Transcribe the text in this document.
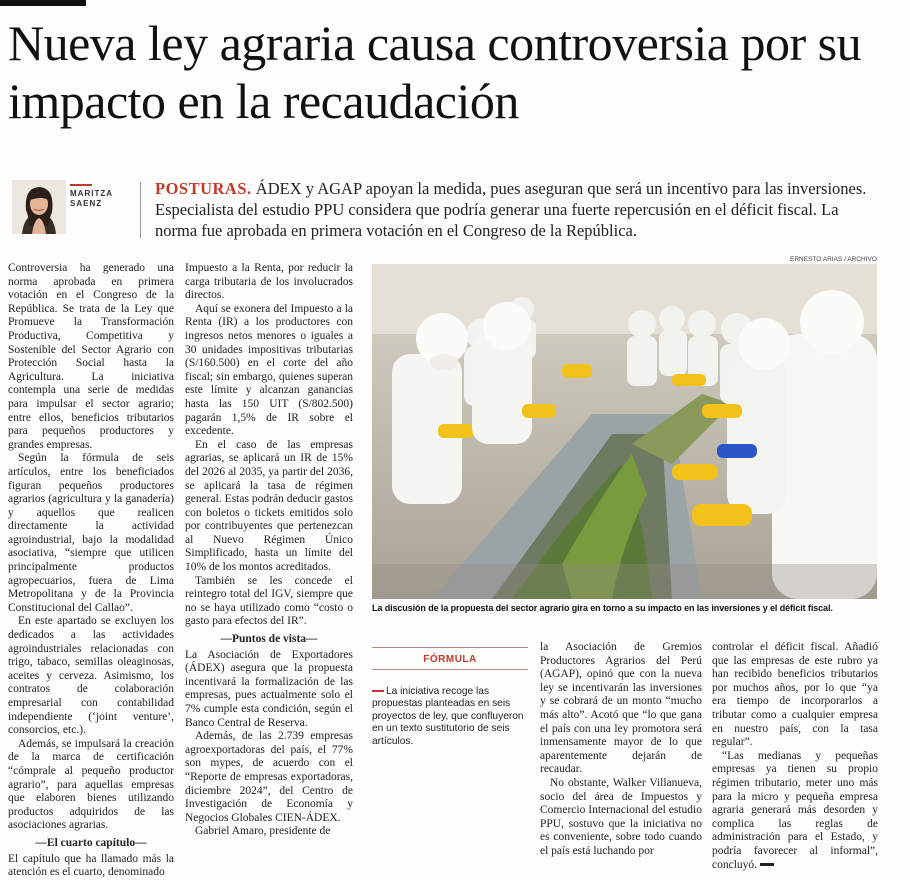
Nueva ley agraria causa controversia por su impacto en la recaudación
MARITZA SAENZ

POSTURAS. ÁDEX y AGAP apoyan la medida, pues aseguran que será un incentivo para las inversiones. Especialista del estudio PPU considera que podría generar una fuerte repercusión en el déficit fiscal. La norma fue aprobada en primera votación en el Congreso de la República.

Controversia ha generado una norma aprobada en primera votación en el Congreso de la República. Se trata de la Ley que Promueve la Transformación Productiva, Competitiva y Sostenible del Sector Agrario con Protección Social hasta la Agricultura. La iniciativa contempla una serie de medidas para impulsar el sector agrario; entre ellos, beneficios tributarios para pequeños productores y grandes empresas.

Según la fórmula de seis artículos, entre los beneficiados figuran pequeños productores agrarios (agricultura y la ganadería) y aquellos que realicen directamente la actividad agroindustrial, bajo la modalidad asociativa, “siempre que utilicen principalmente productos agropecuarios, fuera de Lima Metropolitana y de la Provincia Constitucional del Callao”.

En este apartado se excluyen los dedicados a las actividades agroindustriales relacionadas con trigo, tabaco, semillas oleaginosas, aceites y cerveza. Asimismo, los contratos de colaboración empresarial con contabilidad independiente (‘joint venture’, consorcios, etc.).

Además, se impulsará la creación de la marca de certificación “cómprale al pequeño productor agrario”, para aquellas empresas que elaboren bienes utilizando productos adquiridos de las asociaciones agrarias.

—El cuarto capítulo—

El capítulo que ha llamado más la atención es el cuarto, denominado

Impuesto a la Renta, por reducir la carga tributaria de los involucrados directos.

Aquí se exonera del Impuesto a la Renta (IR) a los productores con ingresos netos menores o iguales a 30 unidades impositivas tributarias (S/160.500) en el corte del año fiscal; sin embargo, quienes superan este límite y alcanzan ganancias hasta las 150 UIT (S/802.500) pagarán 1,5% de IR sobre el excedente.

En el caso de las empresas agrarias, se aplicará un IR de 15% del 2026 al 2035, ya partir del 2036, se aplicará la tasa de régimen general. Estas podrán deducir gastos con boletos o tickets emitidos solo por contribuyentes que pertenezcan al Nuevo Régimen Único Simplificado, hasta un límite del 10% de los montos acreditados.

También se les concede el reintegro total del IGV, siempre que no se haya utilizado como “costo o gasto para efectos del IR”.

—Puntos de vista—

La Asociación de Exportadores (ÁDEX) asegura que la propuesta incentivará la formalización de las empresas, pues actualmente solo el 7% cumple esta condición, según el Banco Central de Reserva.

Además, de las 2.739 empresas agroexportadoras del país, el 77% son mypes, de acuerdo con el “Reporte de empresas exportadoras, diciembre 2024”, del Centro de Investigación de Economía y Negocios Globales CIEN-ÁDEX.

Gabriel Amaro, presidente de

ERNESTO ARIAS / ARCHIVO
La discusión de la propuesta del sector agrario gira en torno a su impacto en las inversiones y el déficit fiscal.
FÓRMULA

La iniciativa recoge las propuestas planteadas en seis proyectos de ley, que confluyeron en un texto sustitutorio de seis artículos.

la Asociación de Gremios Productores Agrarios del Perú (AGAP), opinó que con la nueva ley se incentivarán las inversiones y se cobrará de un monto “mucho más alto”. Acotó que “lo que gana el país con una ley promotora será inmensamente mayor de lo que aparentemente dejarán de recaudar.

No obstante, Walker Villanueva, socio del área de Impuestos y Comercio Internacional del estudio PPU, sostuvo que la iniciativa no es conveniente, sobre todo cuando el país está luchando por

controlar el déficit fiscal. Añadió que las empresas de este rubro ya han recibido beneficios tributarios por muchos años, por lo que “ya era tiempo de incorporarlos a tributar como a cualquier empresa en nuestro país, con la tasa regular”.

“Las medianas y pequeñas empresas ya tienen su propio régimen tributario, meter uno más para la micro y pequeña empresa agraria generará más desorden y complica las reglas de administración para el Estado, y podría favorecer al informal”, concluyó.
